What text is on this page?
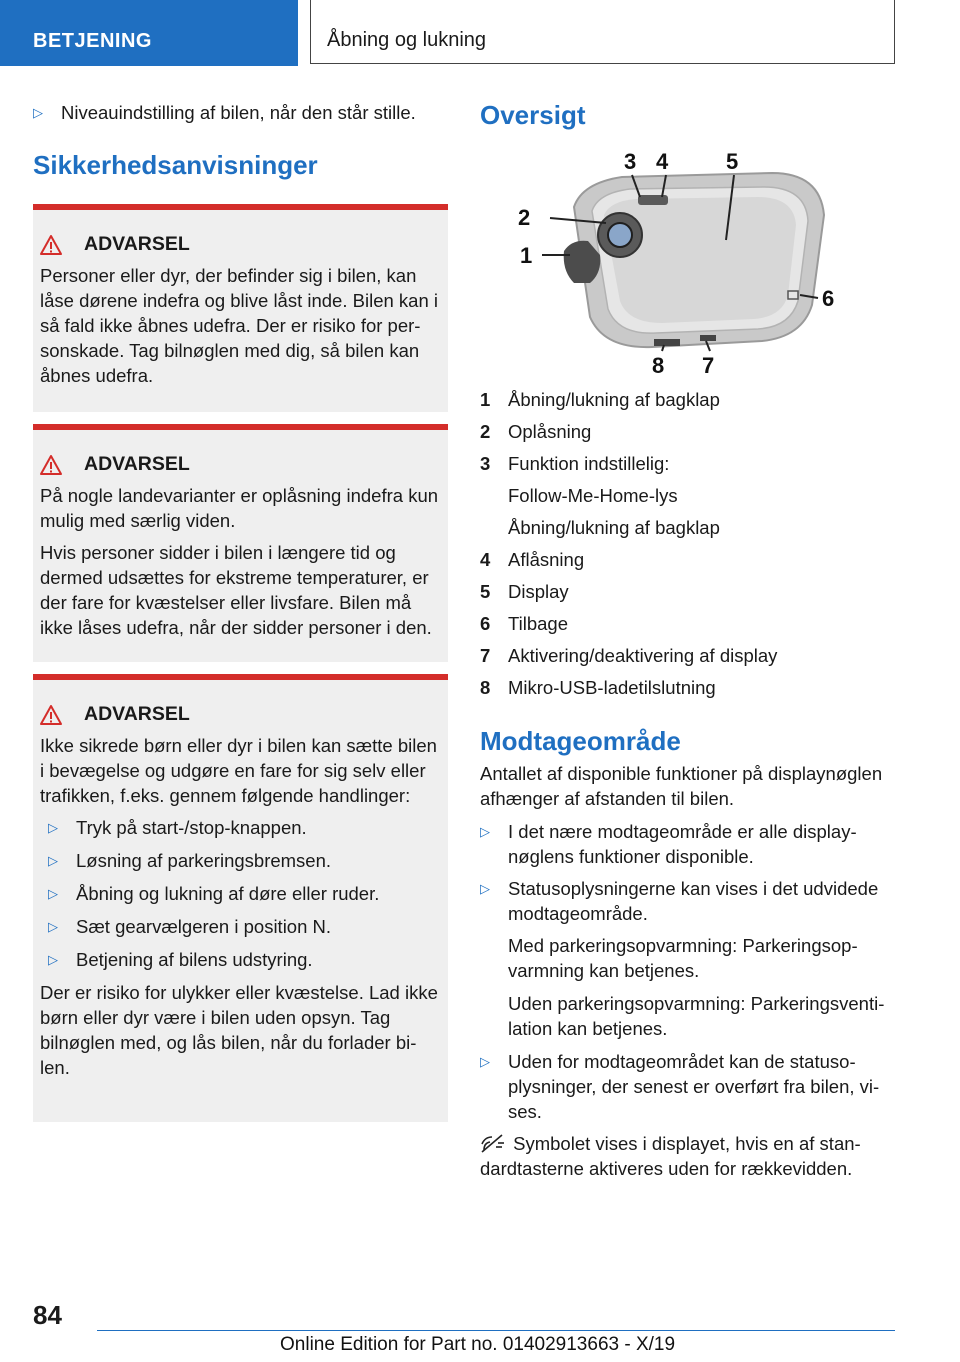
BETJENING	Åbning og lukning
▷ Niveauindstilling af bilen, når den står stille.
Sikkerhedsanvisninger
ADVARSEL

Personer eller dyr, der befinder sig i bilen, kan låse dørene indefra og blive låst inde. Bilen kan i så fald ikke åbnes udefra. Der er risiko for personskade. Tag bilnøglen med dig, så bilen kan åbnes udefra.

ADVARSEL

På nogle landevarianter er oplåsning indefra kun mulig med særlig viden.

Hvis personer sidder i bilen i længere tid og dermed udsættes for ekstreme temperaturer, er der fare for kvæstelser eller livsfare. Bilen må ikke låses udefra, når der sidder personer i den.

ADVARSEL

Ikke sikrede børn eller dyr i bilen kan sætte bilen i bevægelse og udgøre en fare for sig selv eller trafikken, f.eks. gennem følgende handlinger:

▷ Tryk på start-/stop-knappen.
▷ Løsning af parkeringsbremsen.
▷ Åbning og lukning af døre eller ruder.
▷ Sæt gearvælgeren i position N.
▷ Betjening af bilens udstyring.

Der er risiko for ulykker eller kvæstelse. Lad ikke børn eller dyr være i bilen uden opsyn. Tag bilnøglen med, og lås bilen, når du forlader bilen.

Oversigt
1
2
3 4	5
6
7
8
1 Åbning/lukning af bagklap
2 Oplåsning
3 Funktion indstillelig:
Follow-Me-Home-lys
Åbning/lukning af bagklap
4 Aflåsning
5 Display
6 Tilbage
7 Aktivering/deaktivering af display
8 Mikro-USB-ladetilslutning
Modtageområde

Antallet af disponible funktioner på displaynøglen afhænger af afstanden til bilen.

▷ I det nære modtageområde er alle displaynøglens funktioner disponible.
▷ Statusoplysningerne kan vises i det udvidede modtageområde.
Med parkeringsopvarmning: Parkeringsopvarmning kan betjenes.
Uden parkeringsopvarmning: Parkeringsventilation kan betjenes.
▷ Uden for modtageområdet kan de statusoplysninger, der senest er overført fra bilen, vises.

Symbolet vises i displayet, hvis en af standardtasterne aktiveres uden for rækkevidden.

84
Online Edition for Part no. 01402913663 - X/19
